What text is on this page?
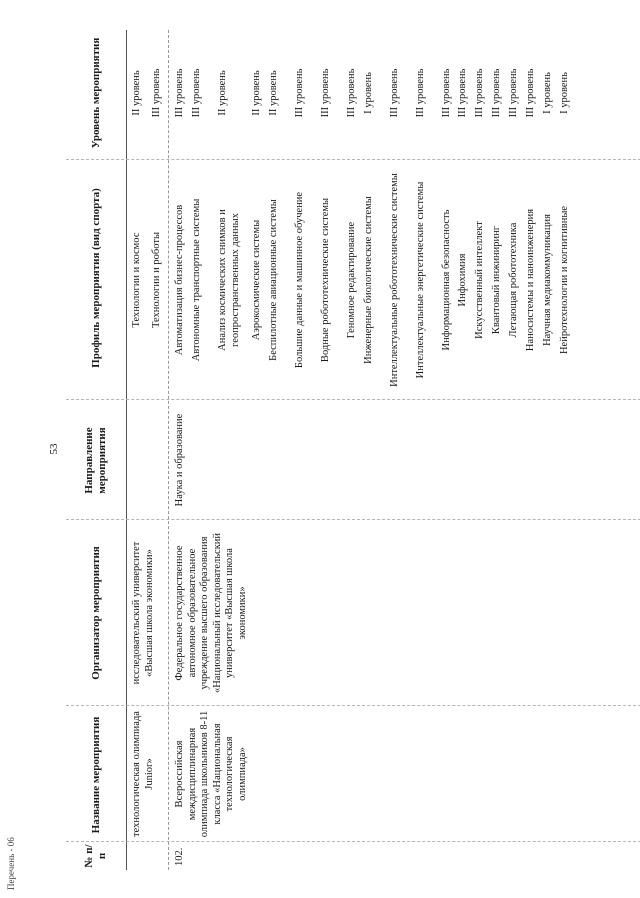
53
Перечень - 06	№ п/п
Название мероприятия
Организатор мероприятия
Направление мероприятия
Профиль мероприятия (вид спорта)
Уровень мероприятия
технологическая олимпиада Junior»
исследовательский университет «Высшая школа экономики»
Технологии и космос
II уровень
Технологии и роботы
III уровень
102.
Всероссийская междисциплинарная олимпиада школьников 8-11 класса «Национальная технологическая олимпиада»
Федеральное государственное автономное образовательное учреждение высшего образования «Национальный исследовательский университет «Высшая школа экономики»
Наука и образование
Автоматизация бизнес-процессов
III уровень
Автономные транспортные системы
III уровень
Анализ космических снимков и геопространственных данных
II уровень
Аэрокосмические системы
II уровень
Беспилотные авиационные системы
II уровень
Большие данные и машинное обучение
III уровень
Водные робототехнические системы
III уровень
Геномное редактирование
III уровень
Инженерные биологические системы
I уровень
Интеллектуальные робототехнические системы
III уровень
Интеллектуальные энергетические системы
III уровень
Информационная безопасность
III уровень
Инфохимия
III уровень
Искусственный интеллект
III уровень
Квантовый инжиниринг
III уровень
Летающая робототехника
III уровень
Наносистемы и наноинженерия
III уровень
Научная медиакоммуникация
I уровень
Нейротехнологии и когнитивные
I уровень
